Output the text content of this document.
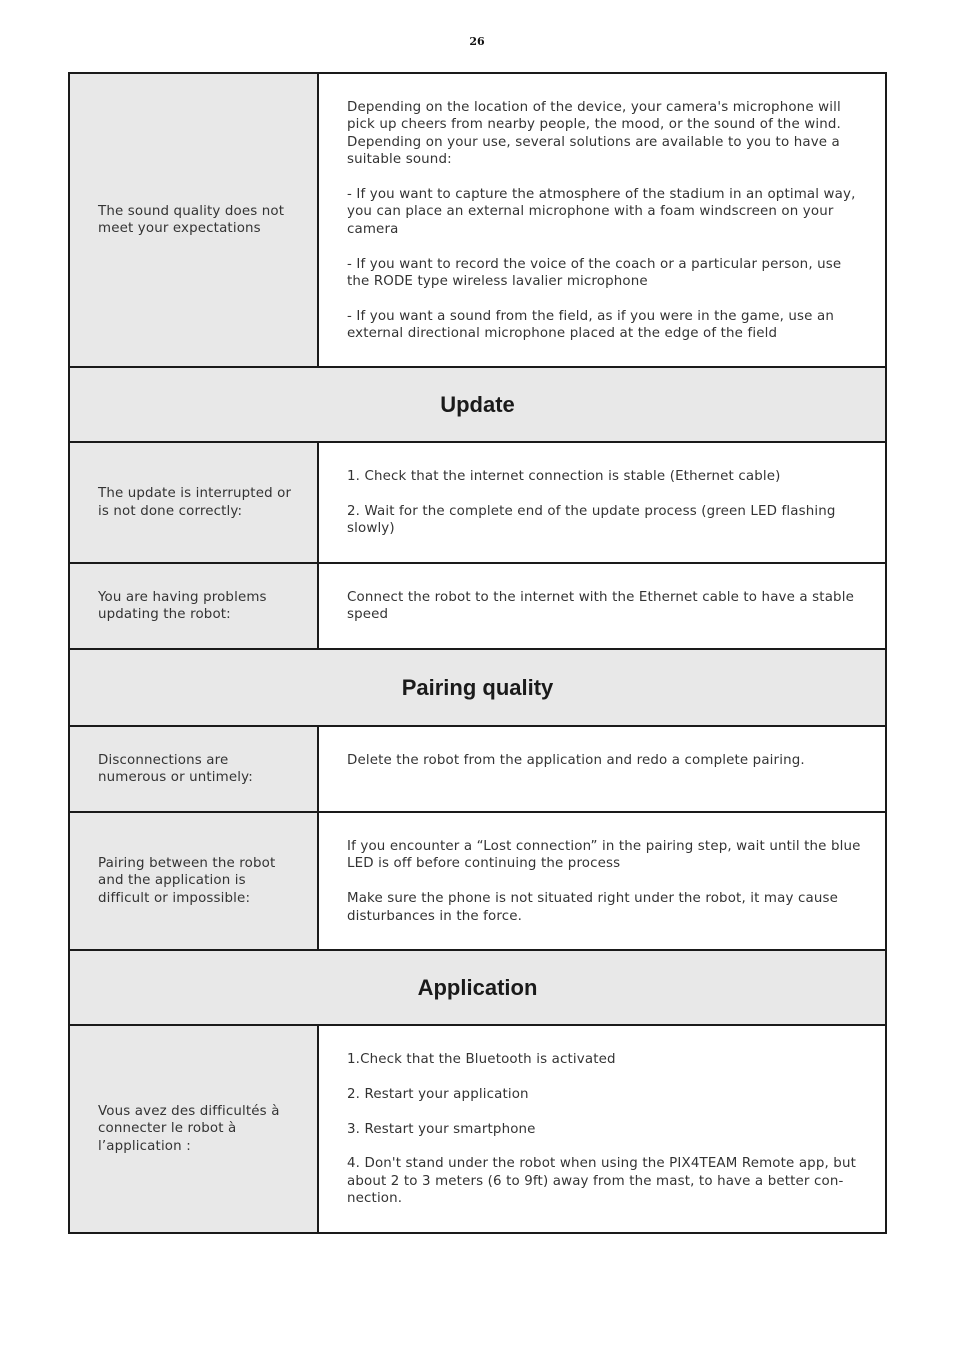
26
The sound quality does not meet your expectations

Depending on the location of the device, your camera's microphone will pick up cheers from nearby people, the mood, or the sound of the wind. Depending on your use, several solutions are available to you to have a suitable sound:

- If you want to capture the atmosphere of the stadium in an optimal way, you can place an external microphone with a foam windscreen on your camera

- If you want to record the voice of the coach or a particular person, use the RODE type wireless lavalier microphone

- If you want a sound from the field, as if you were in the game, use an external directional microphone placed at the edge of the field

Update
The update is interrupted or is not done correctly:

1. Check that the internet connection is stable (Ethernet cable)

2. Wait for the complete end of the update process (green LED flashing slowly)

You are having problems updating the robot:

Connect the robot to the internet with the Ethernet cable to have a stable speed

Pairing quality
Disconnections are numerous or untimely:

Delete the robot from the application and redo a complete pairing.

Pairing between the robot and the application is difficult or impossible:

If you encounter a “Lost connection” in the pairing step, wait until the blue LED is off before continuing the process

Make sure the phone is not situated right under the robot, it may cause disturbances in the force.

Application
Vous avez des difficultés à connecter le robot à l’application :

1.Check that the Bluetooth is activated

2. Restart your application

3. Restart your smartphone

4. Don't stand under the robot when using the PIX4TEAM Remote app, but about 2 to 3 meters (6 to 9ft) away from the mast, to have a better con-nection.
